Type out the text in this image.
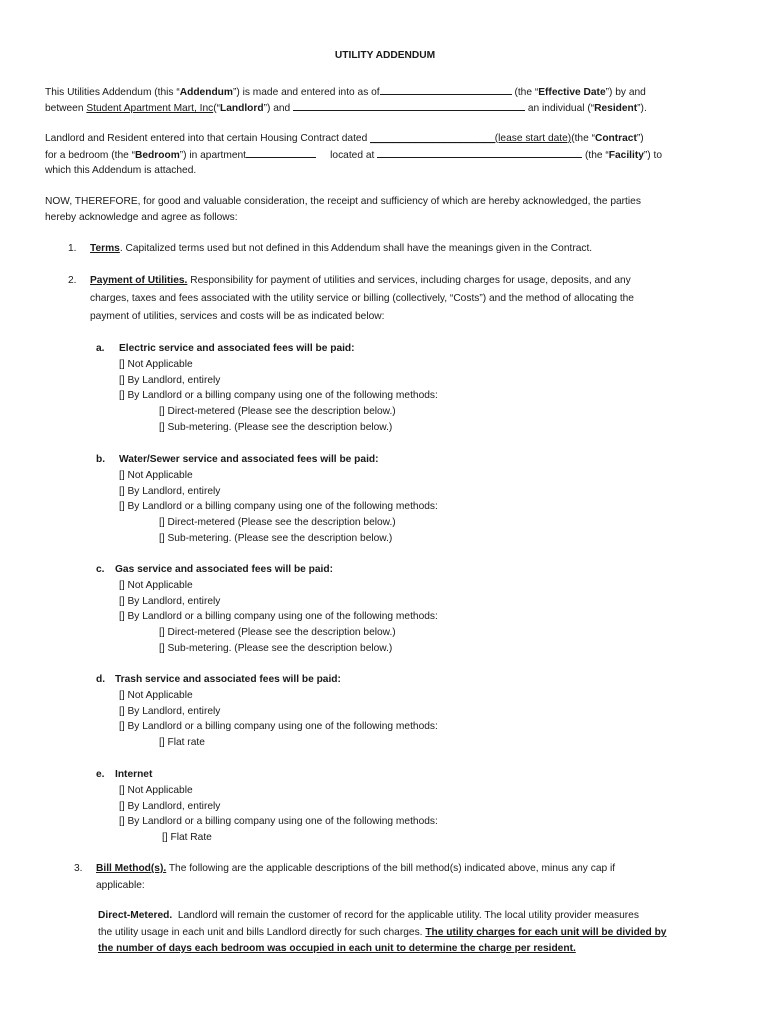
UTILITY ADDENDUM
This Utilities Addendum (this “Addendum”) is made and entered into as of	(the “Effective Date”) by and
between Student Apartment Mart, Inc(“Landlord”) and	an individual (“Resident”).
Landlord and Resident entered into that certain Housing Contract dated ______________________(lease start date)(the “Contract”)
for a bedroom (the “Bedroom”) in apartment	located at	(the “Facility”) to
which this Addendum is attached.
NOW, THEREFORE, for good and valuable consideration, the receipt and sufficiency of which are hereby acknowledged, the parties
hereby acknowledge and agree as follows:
1. Terms. Capitalized terms used but not defined in this Addendum shall have the meanings given in the Contract.
2. Payment of Utilities. Responsibility for payment of utilities and services, including charges for usage, deposits, and any
charges, taxes and fees associated with the utility service or billing (collectively, “Costs”) and the method of allocating the
payment of utilities, services and costs will be as indicated below:
a. Electric service and associated fees will be paid:
[] Not Applicable
[] By Landlord, entirely
[] By Landlord or a billing company using one of the following methods:
[] Direct-metered (Please see the description below.)
[] Sub-metering. (Please see the description below.)
b. Water/Sewer service and associated fees will be paid:
[] Not Applicable
[] By Landlord, entirely
[] By Landlord or a billing company using one of the following methods:
[] Direct-metered (Please see the description below.)
[] Sub-metering. (Please see the description below.)
c. Gas service and associated fees will be paid:
[] Not Applicable
[] By Landlord, entirely
[] By Landlord or a billing company using one of the following methods:
[] Direct-metered (Please see the description below.)
[] Sub-metering. (Please see the description below.)
d. Trash service and associated fees will be paid:
[] Not Applicable
[] By Landlord, entirely
[] By Landlord or a billing company using one of the following methods:
[] Flat rate
e. Internet
[] Not Applicable
[] By Landlord, entirely
[] By Landlord or a billing company using one of the following methods:
[] Flat Rate
3. Bill Method(s). The following are the applicable descriptions of the bill method(s) indicated above, minus any cap if
applicable:
Direct-Metered.  Landlord will remain the customer of record for the applicable utility. The local utility provider measures
the utility usage in each unit and bills Landlord directly for such charges. The utility charges for each unit will be divided by
the number of days each bedroom was occupied in each unit to determine the charge per resident.
